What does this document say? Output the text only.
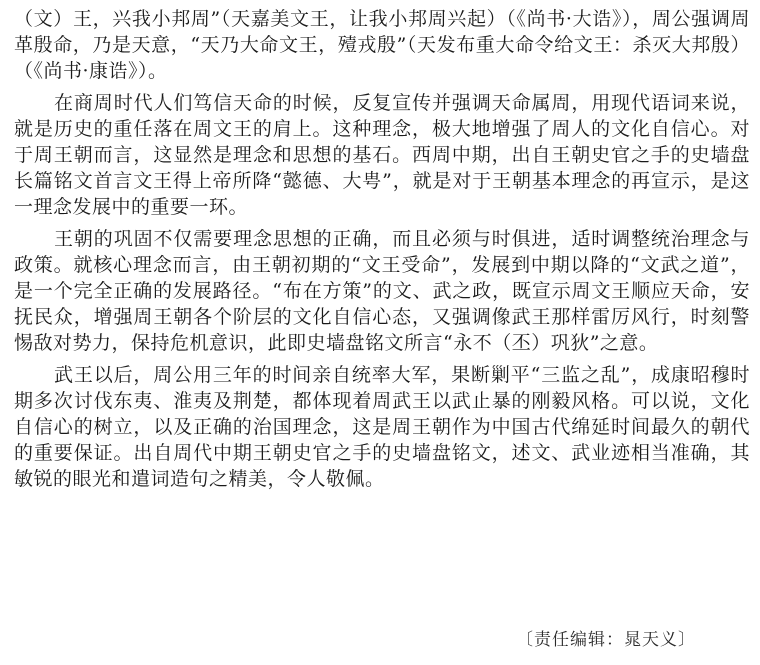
（文）王，兴我小邦周”（天嘉美文王，让我小邦周兴起）（《尚书·大诰》），周公强调周革殷命，乃是天意，“天乃大命文王，殪戎殷”（天发布重大命令给文王：杀灭大邦殷）（《尚书·康诰》）。

在商周时代人们笃信天命的时候，反复宣传并强调天命属周，用现代语词来说，就是历史的重任落在周文王的肩上。这种理念，极大地增强了周人的文化自信心。对于周王朝而言，这显然是理念和思想的基石。西周中期，出自王朝史官之手的史墙盘长篇铭文首言文王得上帝所降“懿德、大甹”，就是对于王朝基本理念的再宣示，是这一理念发展中的重要一环。

王朝的巩固不仅需要理念思想的正确，而且必须与时俱进，适时调整统治理念与政策。就核心理念而言，由王朝初期的“文王受命”，发展到中期以降的“文武之道”，是一个完全正确的发展路径。“布在方策”的文、武之政，既宣示周文王顺应天命，安抚民众，增强周王朝各个阶层的文化自信心态，又强调像武王那样雷厉风行，时刻警惕敌对势力，保持危机意识，此即史墙盘铭文所言“永不（丕）巩狄”之意。

武王以后，周公用三年的时间亲自统率大军，果断剿平“三监之乱”，成康昭穆时期多次讨伐东夷、淮夷及荆楚，都体现着周武王以武止暴的刚毅风格。可以说，文化自信心的树立，以及正确的治国理念，这是周王朝作为中国古代绵延时间最久的朝代的重要保证。出自周代中期王朝史官之手的史墙盘铭文，述文、武业迹相当准确，其敏锐的眼光和遣词造句之精美，令人敬佩。

〔责任编辑：晁天义〕
